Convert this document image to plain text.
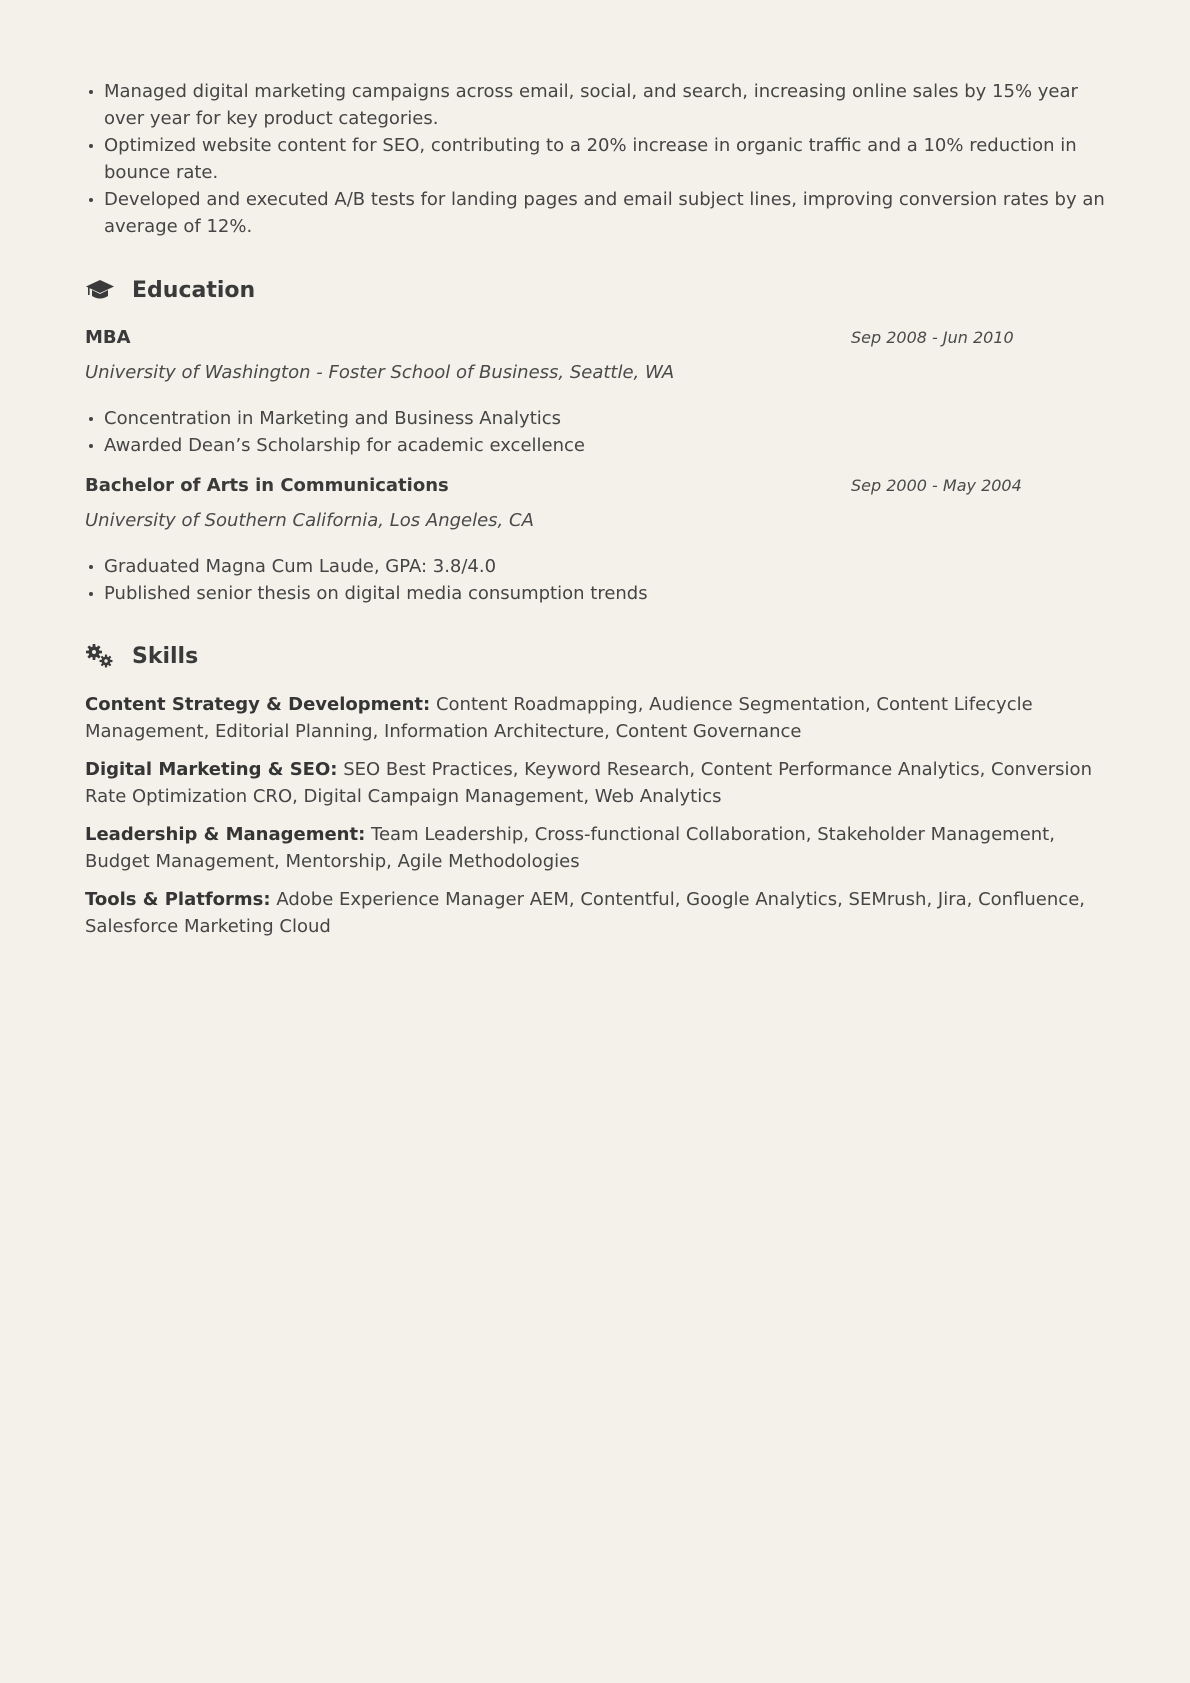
Managed digital marketing campaigns across email, social, and search, increasing online sales by 15% year over year for key product categories.
Optimized website content for SEO, contributing to a 20% increase in organic traffic and a 10% reduction in bounce rate.
Developed and executed A/B tests for landing pages and email subject lines, improving conversion rates by an average of 12%.
Education
MBA	Sep 2008 - Jun 2010
University of Washington - Foster School of Business, Seattle, WA
Concentration in Marketing and Business Analytics
Awarded Dean’s Scholarship for academic excellence
Bachelor of Arts in Communications	Sep 2000 - May 2004
University of Southern California, Los Angeles, CA
Graduated Magna Cum Laude, GPA: 3.8/4.0
Published senior thesis on digital media consumption trends
Skills
Content Strategy & Development: Content Roadmapping, Audience Segmentation, Content Lifecycle Management, Editorial Planning, Information Architecture, Content Governance
Digital Marketing & SEO: SEO Best Practices, Keyword Research, Content Performance Analytics, Conversion Rate Optimization CRO, Digital Campaign Management, Web Analytics
Leadership & Management: Team Leadership, Cross-functional Collaboration, Stakeholder Management, Budget Management, Mentorship, Agile Methodologies
Tools & Platforms: Adobe Experience Manager AEM, Contentful, Google Analytics, SEMrush, Jira, Confluence, Salesforce Marketing Cloud
